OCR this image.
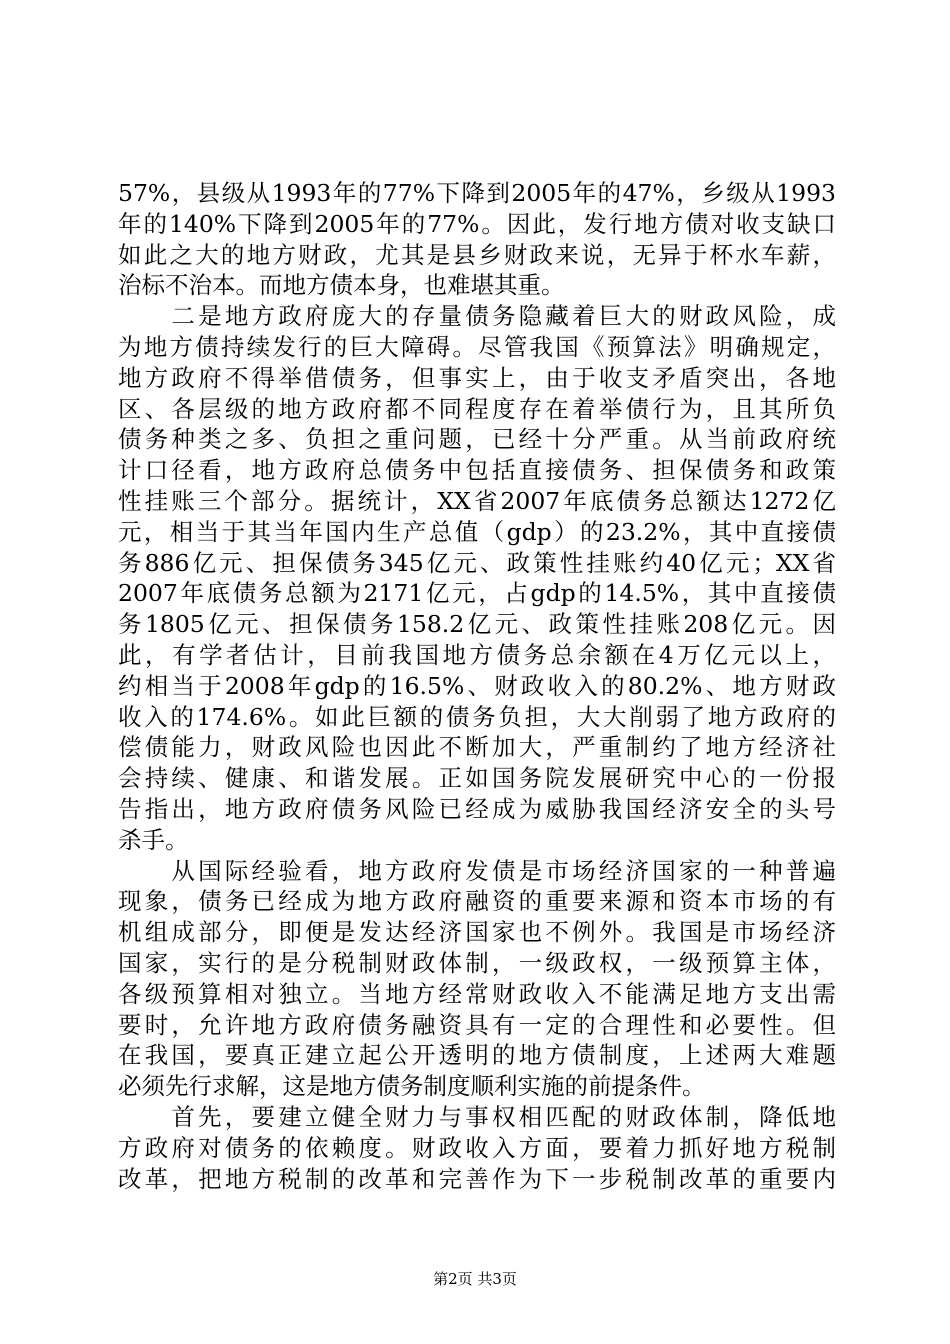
57%，县级从1993年的77%下降到2005年的47%，乡级从1993
年的140%下降到2005年的77%。因此，发行地方债对收支缺口
如此之大的地方财政，尤其是县乡财政来说，无异于杯水车薪，
治标不治本。而地方债本身，也难堪其重。
　　二是地方政府庞大的存量债务隐藏着巨大的财政风险，成
为地方债持续发行的巨大障碍。尽管我国《预算法》明确规定，
地方政府不得举借债务，但事实上，由于收支矛盾突出，各地
区、各层级的地方政府都不同程度存在着举债行为，且其所负
债务种类之多、负担之重问题，已经十分严重。从当前政府统
计口径看，地方政府总债务中包括直接债务、担保债务和政策
性挂账三个部分。据统计，XX省2007年底债务总额达1272亿
元，相当于其当年国内生产总值（gdp）的23.2%，其中直接债
务886亿元、担保债务345亿元、政策性挂账约40亿元；XX省
2007年底债务总额为2171亿元，占gdp的14.5%，其中直接债
务1805亿元、担保债务158.2亿元、政策性挂账208亿元。因
此，有学者估计，目前我国地方债务总余额在4万亿元以上，
约相当于2008年gdp的16.5%、财政收入的80.2%、地方财政
收入的174.6%。如此巨额的债务负担，大大削弱了地方政府的
偿债能力，财政风险也因此不断加大，严重制约了地方经济社
会持续、健康、和谐发展。正如国务院发展研究中心的一份报
告指出，地方政府债务风险已经成为威胁我国经济安全的头号
杀手。
　　从国际经验看，地方政府发债是市场经济国家的一种普遍
现象，债务已经成为地方政府融资的重要来源和资本市场的有
机组成部分，即便是发达经济国家也不例外。我国是市场经济
国家，实行的是分税制财政体制，一级政权，一级预算主体，
各级预算相对独立。当地方经常财政收入不能满足地方支出需
要时，允许地方政府债务融资具有一定的合理性和必要性。但
在我国，要真正建立起公开透明的地方债制度，上述两大难题
必须先行求解，这是地方债务制度顺利实施的前提条件。
　　首先，要建立健全财力与事权相匹配的财政体制，降低地
方政府对债务的依赖度。财政收入方面，要着力抓好地方税制
改革，把地方税制的改革和完善作为下一步税制改革的重要内
第2页 共3页
